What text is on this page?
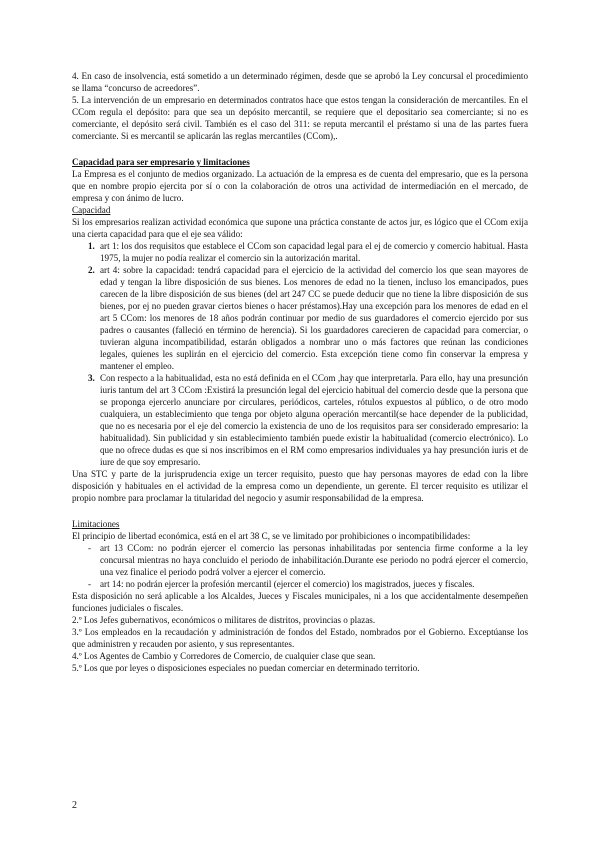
4. En caso de insolvencia, está sometido a un determinado régimen, desde que se aprobó la Ley concursal el procedimiento se llama “concurso de acreedores”.

5. La intervención de un empresario en determinados contratos hace que estos tengan la consideración de mercantiles. En el CCom regula el depósito: para que sea un depósito mercantil, se requiere que el depositario sea comerciante; si no es comerciante, el depósito será civil. También es el caso del 311: se reputa mercantil el préstamo si una de las partes fuera comerciante. Si es mercantil se aplicarán las reglas mercantiles (CCom),.

Capacidad para ser empresario y limitaciones

La Empresa es el conjunto de medios organizado. La actuación de la empresa es de cuenta del empresario, que es la persona que en nombre propio ejercita por sí o con la colaboración de otros una actividad de intermediación en el mercado, de empresa y con ánimo de lucro.

Capacidad

Si los empresarios realizan actividad económica que supone una práctica constante de actos jur, es lógico que el CCom exija una cierta capacidad para que el eje sea válido:

1. art 1: los dos requisitos que establece el CCom son capacidad legal para el ej de comercio y comercio habitual. Hasta 1975, la mujer no podía realizar el comercio sin la autorización marital.
2. art 4: sobre la capacidad: tendrá capacidad para el ejercicio de la actividad del comercio los que sean mayores de edad y tengan la libre disposición de sus bienes. Los menores de edad no la tienen, incluso los emancipados, pues carecen de la libre disposición de sus bienes (del art 247 CC se puede deducir que no tiene la libre disposición de sus bienes, por ej no pueden gravar ciertos bienes o hacer préstamos).Hay una excepción para los menores de edad en el art 5 CCom: los menores de 18 años podrán continuar por medio de sus guardadores el comercio ejercido por sus padres o causantes (falleció en término de herencia). Si los guardadores carecieren de capacidad para comerciar, o tuvieran alguna incompatibilidad, estarán obligados a nombrar uno o más factores que reúnan las condiciones legales, quienes les suplirán en el ejercicio del comercio. Esta excepción tiene como fin conservar la empresa y mantener el empleo.
3. Con respecto a la habitualidad, esta no está definida en el CCom ,hay que interpretarla. Para ello, hay una presunción iuris tantum del art 3 CCom :Existirá la presunción legal del ejercicio habitual del comercio desde que la persona que se proponga ejercerlo anunciare por circulares, periódicos, carteles, rótulos expuestos al público, o de otro modo cualquiera, un establecimiento que tenga por objeto alguna operación mercantil(se hace depender de la publicidad, que no es necesaria por el eje del comercio la existencia de uno de los requisitos para ser considerado empresario: la habitualidad). Sin publicidad y sin establecimiento también puede existir la habitualidad (comercio electrónico). Lo que no ofrece dudas es que si nos inscribimos en el RM como empresarios individuales ya hay presunción iuris et de iure de que soy empresario.

Una STC y parte de la jurisprudencia exige un tercer requisito, puesto que hay personas mayores de edad con la libre disposición y habituales en el actividad de la empresa como un dependiente, un gerente. El tercer requisito es utilizar el propio nombre para proclamar la titularidad del negocio y asumir responsabilidad de la empresa.

Limitaciones

El principio de libertad económica, está en el art 38 C, se ve limitado por prohibiciones o incompatibilidades:

- art 13 CCom: no podrán ejercer el comercio las personas inhabilitadas por sentencia firme conforme a la ley concursal mientras no haya concluido el periodo de inhabilitación.Durante ese periodo no podrá ejercer el comercio, una vez finalice el periodo podrá volver a ejercer el comercio.
- art 14: no podrán ejercer la profesión mercantil (ejercer el comercio) los magistrados, jueces y fiscales.

Esta disposición no será aplicable a los Alcaldes, Jueces y Fiscales municipales, ni a los que accidentalmente desempeñen funciones judiciales o fiscales.

2.º Los Jefes gubernativos, económicos o militares de distritos, provincias o plazas.

3.º Los empleados en la recaudación y administración de fondos del Estado, nombrados por el Gobierno. Exceptúanse los que administren y recauden por asiento, y sus representantes.

4.º Los Agentes de Cambio y Corredores de Comercio, de cualquier clase que sean.

5.º Los que por leyes o disposiciones especiales no puedan comerciar en determinado territorio.

2
